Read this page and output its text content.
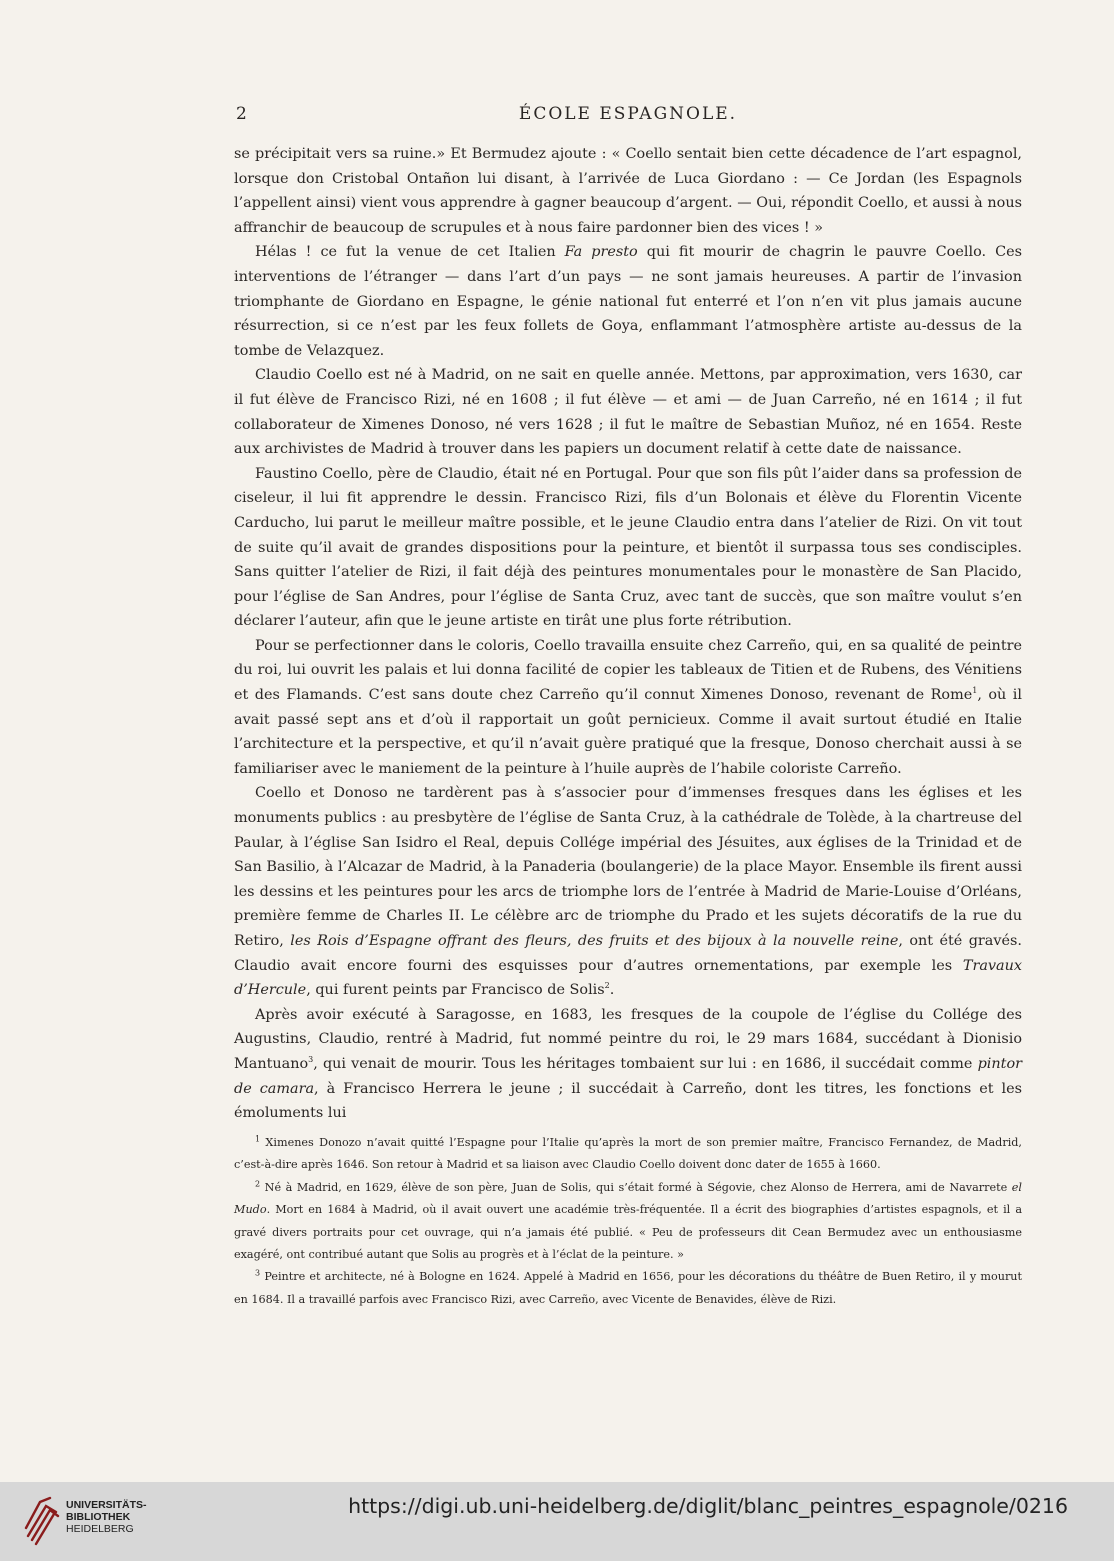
2	ÉCOLE ESPAGNOLE.

se précipitait vers sa ruine.» Et Bermudez ajoute : « Coello sentait bien cette décadence de l’art espagnol, lorsque don Cristobal Ontañon lui disant, à l’arrivée de Luca Giordano : — Ce Jordan (les Espagnols l’appellent ainsi) vient vous apprendre à gagner beaucoup d’argent. — Oui, répondit Coello, et aussi à nous affranchir de beaucoup de scrupules et à nous faire pardonner bien des vices ! »

Hélas ! ce fut la venue de cet Italien Fa presto qui fit mourir de chagrin le pauvre Coello. Ces interventions de l’étranger — dans l’art d’un pays — ne sont jamais heureuses. A partir de l’invasion triomphante de Giordano en Espagne, le génie national fut enterré et l’on n’en vit plus jamais aucune résurrection, si ce n’est par les feux follets de Goya, enflammant l’atmosphère artiste au-dessus de la tombe de Velazquez.

Claudio Coello est né à Madrid, on ne sait en quelle année. Mettons, par approximation, vers 1630, car il fut élève de Francisco Rizi, né en 1608 ; il fut élève — et ami — de Juan Carreño, né en 1614 ; il fut collaborateur de Ximenes Donoso, né vers 1628 ; il fut le maître de Sebastian Muñoz, né en 1654. Reste aux archivistes de Madrid à trouver dans les papiers un document relatif à cette date de naissance.

Faustino Coello, père de Claudio, était né en Portugal. Pour que son fils pût l’aider dans sa profession de ciseleur, il lui fit apprendre le dessin. Francisco Rizi, fils d’un Bolonais et élève du Florentin Vicente Carducho, lui parut le meilleur maître possible, et le jeune Claudio entra dans l’atelier de Rizi. On vit tout de suite qu’il avait de grandes dispositions pour la peinture, et bientôt il surpassa tous ses condisciples. Sans quitter l’atelier de Rizi, il fait déjà des peintures monumentales pour le monastère de San Placido, pour l’église de San Andres, pour l’église de Santa Cruz, avec tant de succès, que son maître voulut s’en déclarer l’auteur, afin que le jeune artiste en tirât une plus forte rétribution.

Pour se perfectionner dans le coloris, Coello travailla ensuite chez Carreño, qui, en sa qualité de peintre du roi, lui ouvrit les palais et lui donna facilité de copier les tableaux de Titien et de Rubens, des Vénitiens et des Flamands. C’est sans doute chez Carreño qu’il connut Ximenes Donoso, revenant de Rome$^1$, où il avait passé sept ans et d’où il rapportait un goût pernicieux. Comme il avait surtout étudié en Italie l’architecture et la perspective, et qu’il n’avait guère pratiqué que la fresque, Donoso cherchait aussi à se familiariser avec le maniement de la peinture à l’huile auprès de l’habile coloriste Carreño.

Coello et Donoso ne tardèrent pas à s’associer pour d’immenses fresques dans les églises et les monuments publics : au presbytère de l’église de Santa Cruz, à la cathédrale de Tolède, à la chartreuse del Paular, à l’église San Isidro el Real, depuis Collége impérial des Jésuites, aux églises de la Trinidad et de San Basilio, à l’Alcazar de Madrid, à la Panaderia (boulangerie) de la place Mayor. Ensemble ils firent aussi les dessins et les peintures pour les arcs de triomphe lors de l’entrée à Madrid de Marie-Louise d’Orléans, première femme de Charles II. Le célèbre arc de triomphe du Prado et les sujets décoratifs de la rue du Retiro, les Rois d’Espagne offrant des fleurs, des fruits et des bijoux à la nouvelle reine, ont été gravés. Claudio avait encore fourni des esquisses pour d’autres ornementations, par exemple les Travaux d’Hercule, qui furent peints par Francisco de Solis$^2$.

Après avoir exécuté à Saragosse, en 1683, les fresques de la coupole de l’église du Collége des Augustins, Claudio, rentré à Madrid, fut nommé peintre du roi, le 29 mars 1684, succédant à Dionisio Mantuano$^3$, qui venait de mourir. Tous les héritages tombaient sur lui : en 1686, il succédait comme pintor de camara, à Francisco Herrera le jeune ; il succédait à Carreño, dont les titres, les fonctions et les émoluments lui

$^1$ Ximenes Donozo n’avait quitté l’Espagne pour l’Italie qu’après la mort de son premier maître, Francisco Fernandez, de Madrid, c’est-à-dire après 1646. Son retour à Madrid et sa liaison avec Claudio Coello doivent donc dater de 1655 à 1660.

$^2$ Né à Madrid, en 1629, élève de son père, Juan de Solis, qui s’était formé à Ségovie, chez Alonso de Herrera, ami de Navarrete el Mudo. Mort en 1684 à Madrid, où il avait ouvert une académie très-fréquentée. Il a écrit des biographies d’artistes espagnols, et il a gravé divers portraits pour cet ouvrage, qui n’a jamais été publié. « Peu de professeurs dit Cean Bermudez avec un enthousiasme exagéré, ont contribué autant que Solis au progrès et à l’éclat de la peinture. »

$^3$ Peintre et architecte, né à Bologne en 1624. Appelé à Madrid en 1656, pour les décorations du théâtre de Buen Retiro, il y mourut en 1684. Il a travaillé parfois avec Francisco Rizi, avec Carreño, avec Vicente de Benavides, élève de Rizi.

UNIVERSITÄTS-
BIBLIOTHEK
HEIDELBERG
https://digi.ub.uni-heidelberg.de/diglit/blanc_peintres_espagnole/0216
